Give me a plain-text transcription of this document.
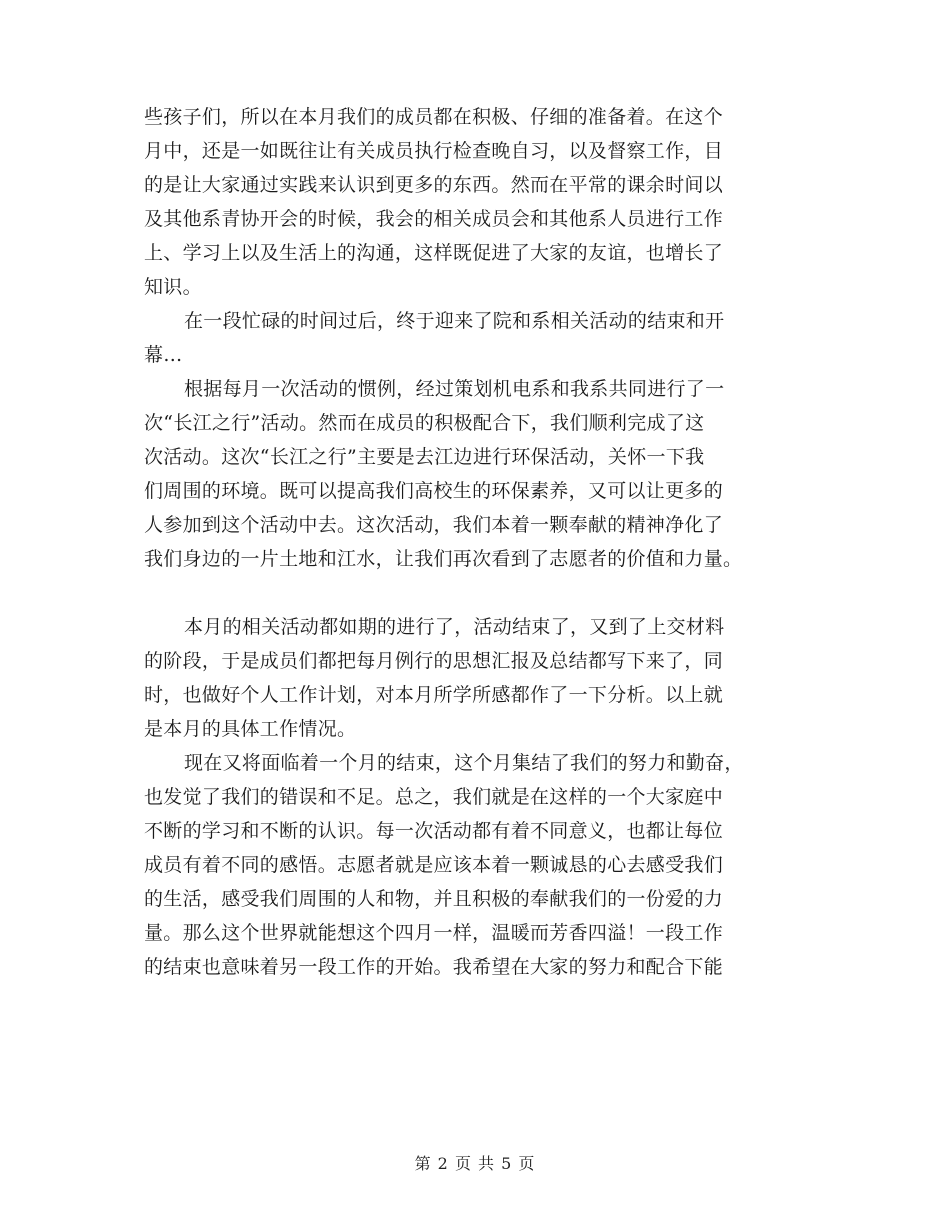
些孩子们，所以在本月我们的成员都在积极、仔细的准备着。在这个
月中，还是一如既往让有关成员执行检查晚自习，以及督察工作，目
的是让大家通过实践来认识到更多的东西。然而在平常的课余时间以
及其他系青协开会的时候，我会的相关成员会和其他系人员进行工作
上、学习上以及生活上的沟通，这样既促进了大家的友谊，也增长了
知识。
在一段忙碌的时间过后，终于迎来了院和系相关活动的结束和开
幕…
根据每月一次活动的惯例，经过策划机电系和我系共同进行了一
次“长江之行”活动。然而在成员的积极配合下，我们顺利完成了这
次活动。这次“长江之行”主要是去江边进行环保活动，关怀一下我
们周围的环境。既可以提高我们高校生的环保素养，又可以让更多的
人参加到这个活动中去。这次活动，我们本着一颗奉献的精神净化了
我们身边的一片土地和江水，让我们再次看到了志愿者的价值和力量。
本月的相关活动都如期的进行了，活动结束了，又到了上交材料
的阶段，于是成员们都把每月例行的思想汇报及总结都写下来了，同
时，也做好个人工作计划，对本月所学所感都作了一下分析。以上就
是本月的具体工作情况。
现在又将面临着一个月的结束，这个月集结了我们的努力和勤奋，
也发觉了我们的错误和不足。总之，我们就是在这样的一个大家庭中
不断的学习和不断的认识。每一次活动都有着不同意义，也都让每位
成员有着不同的感悟。志愿者就是应该本着一颗诚恳的心去感受我们
的生活，感受我们周围的人和物，并且积极的奉献我们的一份爱的力
量。那么这个世界就能想这个四月一样，温暖而芳香四溢！一段工作
的结束也意味着另一段工作的开始。我希望在大家的努力和配合下能
第 2 页 共 5 页
